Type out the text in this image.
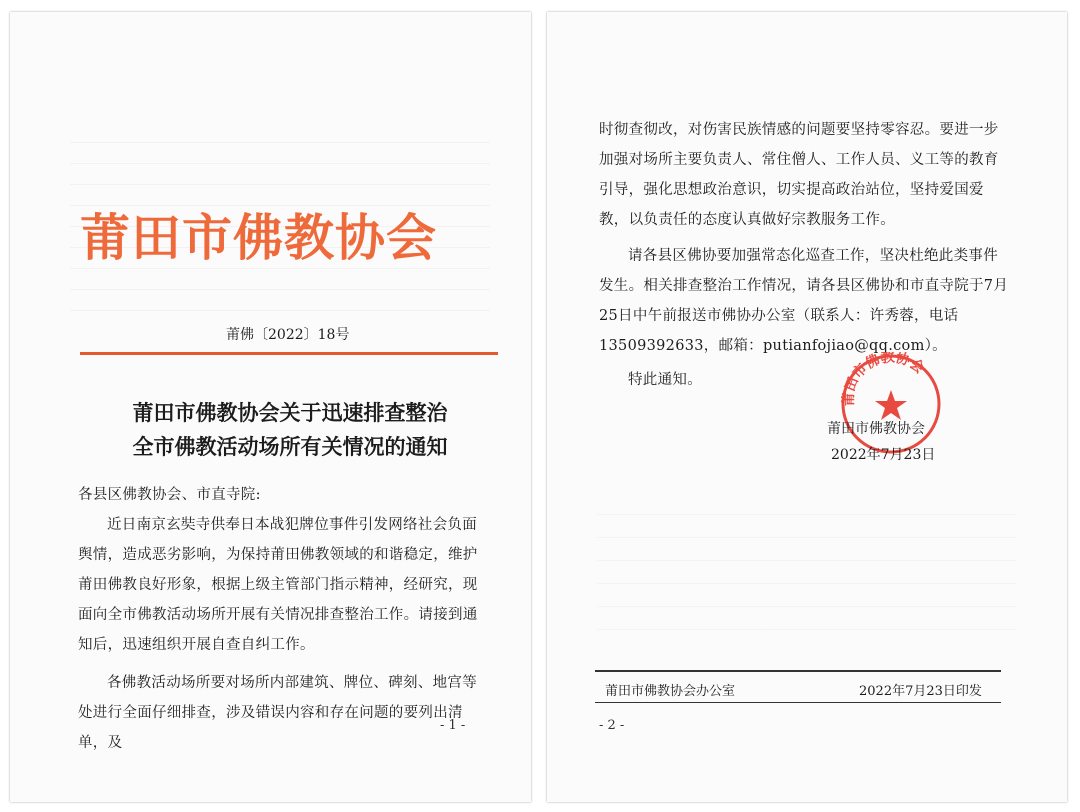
莆田市佛教协会
莆佛〔2022〕18号
莆田市佛教协会关于迅速排查整治
全市佛教活动场所有关情况的通知

各县区佛教协会、市直寺院:

近日南京玄奘寺供奉日本战犯牌位事件引发网络社会负面舆情，造成恶劣影响，为保持莆田佛教领域的和谐稳定，维护莆田佛教良好形象，根据上级主管部门指示精神，经研究，现面向全市佛教活动场所开展有关情况排查整治工作。请接到通知后，迅速组织开展自查自纠工作。

各佛教活动场所要对场所内部建筑、牌位、碑刻、地宫等处进行全面仔细排查，涉及错误内容和存在问题的要列出清单，及

- 1 -

时彻查彻改，对伤害民族情感的问题要坚持零容忍。要进一步加强对场所主要负责人、常住僧人、工作人员、义工等的教育引导，强化思想政治意识，切实提高政治站位，坚持爱国爱教，以负责任的态度认真做好宗教服务工作。

请各县区佛协要加强常态化巡查工作，坚决杜绝此类事件发生。相关排查整治工作情况，请各县区佛协和市直寺院于7月25日中午前报送市佛协办公室（联系人：许秀蓉，电话13509392633，邮箱：putianfojiao@qq.com）。

特此通知。

莆田市佛教协会
莆田市佛教协会
2022年7月23日
莆田市佛教协会办公室	2022年7月23日印发
- 2 -
